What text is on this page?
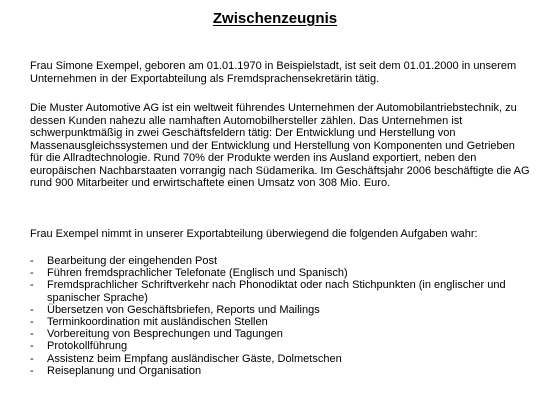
Zwischenzeugnis

Frau Simone Exempel, geboren am 01.01.1970 in Beispielstadt, ist seit dem 01.01.2000 in unserem Unternehmen in der Exportabteilung als Fremdsprachensekretärin tätig.

Die Muster Automotive AG ist ein weltweit führendes Unternehmen der Automobilantriebstechnik, zu dessen Kunden nahezu alle namhaften Automobilhersteller zählen. Das Unternehmen ist schwerpunktmäßig in zwei Geschäftsfeldern tätig: Der Entwicklung und Herstellung von Massenausgleichssystemen und der Entwicklung und Herstellung von Komponenten und Getrieben für die Allradtechnologie. Rund 70% der Produkte werden ins Ausland exportiert, neben den europäischen Nachbarstaaten vorrangig nach Südamerika. Im Geschäftsjahr 2006 beschäftigte die AG rund 900 Mitarbeiter und erwirtschaftete einen Umsatz von 308 Mio. Euro.

Frau Exempel nimmt in unserer Exportabteilung überwiegend die folgenden Aufgaben wahr:

- Bearbeitung der eingehenden Post
- Führen fremdsprachlicher Telefonate (Englisch und Spanisch)
- Fremdsprachlicher Schriftverkehr nach Phonodiktat oder nach Stichpunkten (in englischer und spanischer Sprache)
- Übersetzen von Geschäftsbriefen, Reports und Mailings
- Terminkoordination mit ausländischen Stellen
- Vorbereitung von Besprechungen und Tagungen
- Protokollführung
- Assistenz beim Empfang ausländischer Gäste, Dolmetschen
- Reiseplanung und Organisation
